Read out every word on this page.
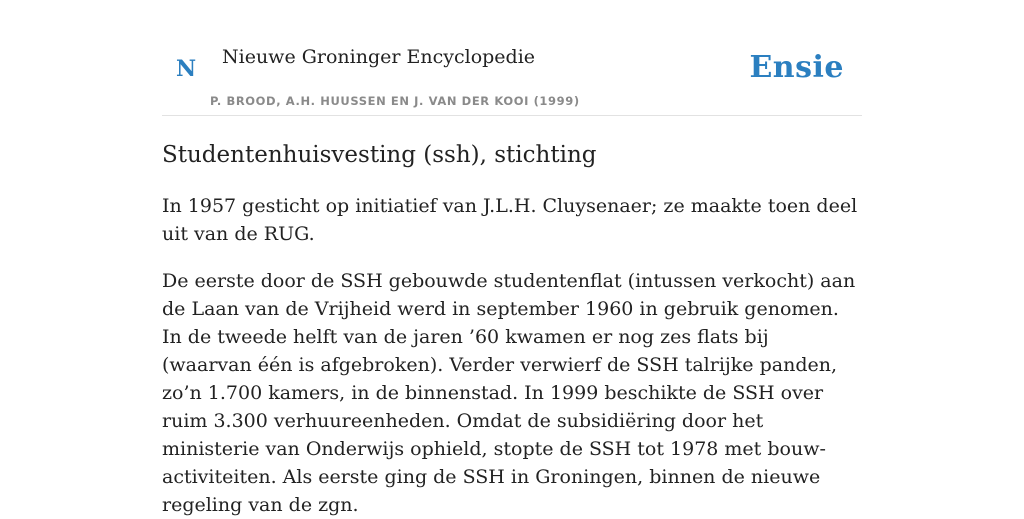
N Nieuwe Groninger Encyclopedie
P. BROOD, A.H. HUUSSEN EN J. VAN DER KOOI (1999)
Ensie
Studentenhuisvesting (ssh), stichting

In 1957 gesticht op initiatief van J.L.H. Cluysenaer; ze maakte toen deel uit van de RUG.

De eerste door de SSH gebouwde studentenflat (intussen verkocht) aan de Laan van de Vrijheid werd in september 1960 in gebruik genomen. In de tweede helft van de jaren ’60 kwamen er nog zes flats bij (waarvan één is afgebroken). Verder verwierf de SSH talrijke panden, zo’n 1.700 kamers, in de binnenstad. In 1999 beschikte de SSH over ruim 3.300 verhuureenheden. Omdat de subsidiëring door het ministerie van Onderwijs ophield, stopte de SSH tot 1978 met bouw-activiteiten. Als eerste ging de SSH in Groningen, binnen de nieuwe regeling van de zgn.
